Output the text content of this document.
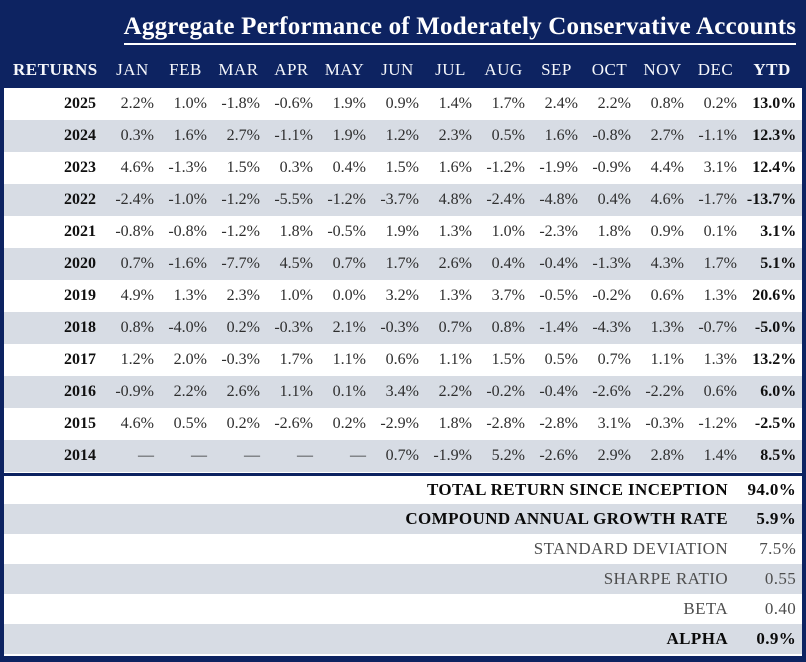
Aggregate Performance of Moderately Conservative Accounts													
RETURNS	JAN	FEB	MAR	APR	MAY	JUN	JUL	AUG	SEP	OCT	NOV	DEC	YTD
2025	2.2%	1.0%	-1.8%	-0.6%	1.9%	0.9%	1.4%	1.7%	2.4%	2.2%	0.8%	0.2%	13.0%
2024	0.3%	1.6%	2.7%	-1.1%	1.9%	1.2%	2.3%	0.5%	1.6%	-0.8%	2.7%	-1.1%	12.3%
2023	4.6%	-1.3%	1.5%	0.3%	0.4%	1.5%	1.6%	-1.2%	-1.9%	-0.9%	4.4%	3.1%	12.4%
2022	-2.4%	-1.0%	-1.2%	-5.5%	-1.2%	-3.7%	4.8%	-2.4%	-4.8%	0.4%	4.6%	-1.7%	-13.7%
2021	-0.8%	-0.8%	-1.2%	1.8%	-0.5%	1.9%	1.3%	1.0%	-2.3%	1.8%	0.9%	0.1%	3.1%
2020	0.7%	-1.6%	-7.7%	4.5%	0.7%	1.7%	2.6%	0.4%	-0.4%	-1.3%	4.3%	1.7%	5.1%
2019	4.9%	1.3%	2.3%	1.0%	0.0%	3.2%	1.3%	3.7%	-0.5%	-0.2%	0.6%	1.3%	20.6%
2018	0.8%	-4.0%	0.2%	-0.3%	2.1%	-0.3%	0.7%	0.8%	-1.4%	-4.3%	1.3%	-0.7%	-5.0%
2017	1.2%	2.0%	-0.3%	1.7%	1.1%	0.6%	1.1%	1.5%	0.5%	0.7%	1.1%	1.3%	13.2%
2016	-0.9%	2.2%	2.6%	1.1%	0.1%	3.4%	2.2%	-0.2%	-0.4%	-2.6%	-2.2%	0.6%	6.0%
2015	4.6%	0.5%	0.2%	-2.6%	0.2%	-2.9%	1.8%	-2.8%	-2.8%	3.1%	-0.3%	-1.2%	-2.5%
2014	—	—	—	—	—	0.7%	-1.9%	5.2%	-2.6%	2.9%	2.8%	1.4%	8.5%

TOTAL RETURN SINCE INCEPTION													94.0%
COMPOUND ANNUAL GROWTH RATE													5.9%
STANDARD DEVIATION													7.5%
SHARPE RATIO													0.55
BETA													0.40
ALPHA													0.9%
